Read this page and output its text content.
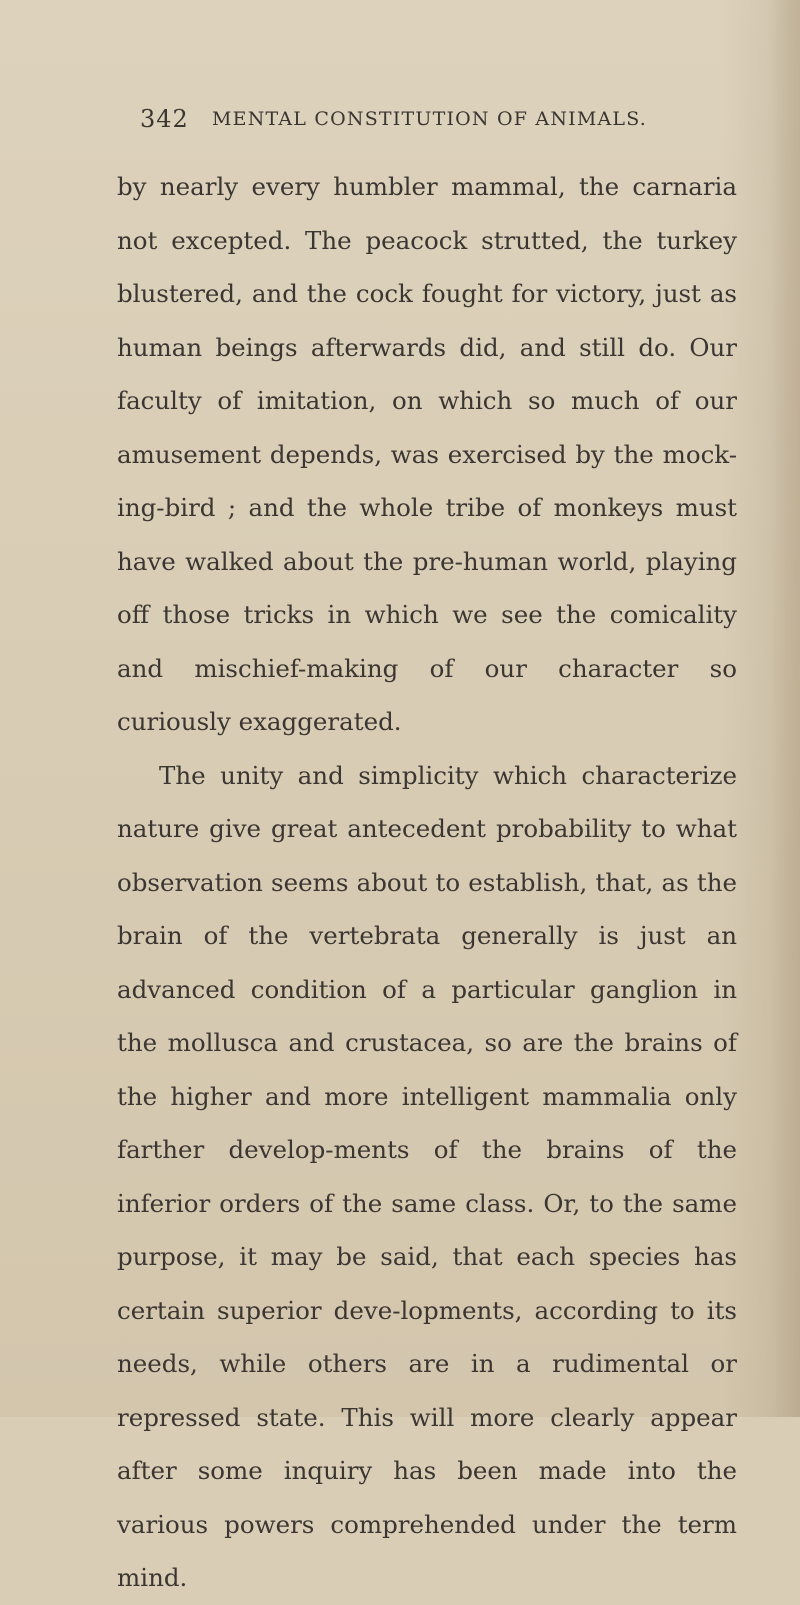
342 MENTAL CONSTITUTION OF ANIMALS.

by nearly every humbler mammal, the carnaria not excepted. The peacock strutted, the turkey blustered, and the cock fought for victory, just as human beings afterwards did, and still do. Our faculty of imitation, on which so much of our amusement depends, was exercised by the mock-ing-bird ; and the whole tribe of monkeys must have walked about the pre-human world, playing off those tricks in which we see the comicality and mischief-making of our character so curiously exaggerated.

The unity and simplicity which characterize nature give great antecedent probability to what observation seems about to establish, that, as the brain of the vertebrata generally is just an advanced condition of a particular ganglion in the mollusca and crustacea, so are the brains of the higher and more intelligent mammalia only farther develop-ments of the brains of the inferior orders of the same class. Or, to the same purpose, it may be said, that each species has certain superior deve-lopments, according to its needs, while others are in a rudimental or repressed state. This will more clearly appear after some inquiry has been made into the various powers comprehended under the term mind.
